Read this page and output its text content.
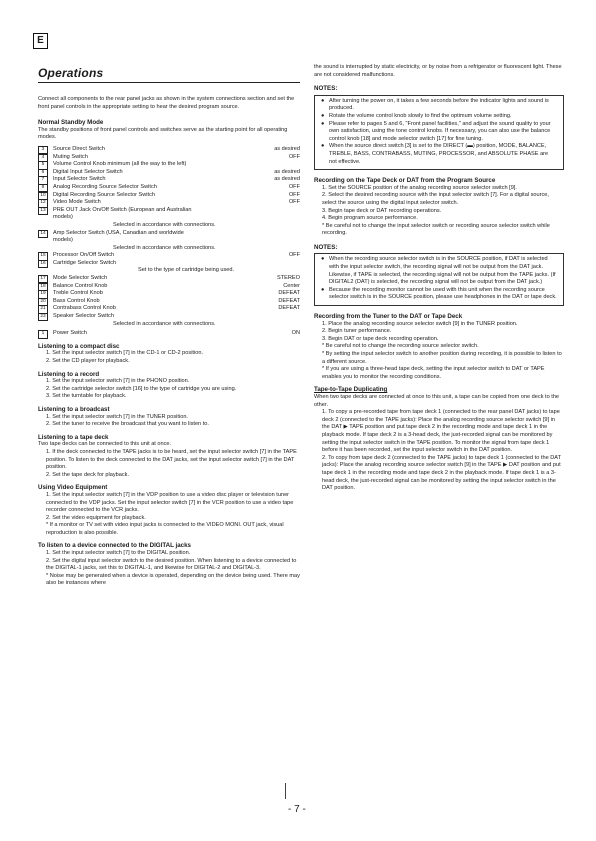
E
Operations

Connect all components to the rear panel jacks as shown in the system connections section and set the front panel controls in the appropriate setting to hear the desired program source.

Normal Standby Mode

The standby positions of front panel controls and switches serve as the starting point for all operating modes.

3	Source Direct Switch	as desired
4	Muting Switch	OFF
5	Volume Control Knob minimum (all the way to the left)
6	Digital Input Selector Switch	as desired
7	Input Selector Switch	as desired
9	Analog Recording Source Selector Switch	OFF
10	Digital Recording Source Selector Switch	OFF
12	Video Mode Switch	OFF
13	PRE OUT Jack On/Off Switch (European and Australian
models)
Selected in accordance with connections.
14	Amp Selector Switch (USA, Canadian and worldwide
models)
Selected in accordance with connections.
15	Processor On/Off Switch	OFF
16	Cartridge Selector Switch
Set to the type of cartridge being used.
17	Mode Selector Switch	STEREO
18	Balance Control Knob	Center
19	Treble Control Knob	DEFEAT
20	Bass Control Knob	DEFEAT
21	Contrabass Control Knob	DEFEAT
23	Speaker Selector Switch
Selected in accordance with connections.
1	Power Switch	ON
Listening to a compact disc
1. Set the input selector switch [7] in the CD-1 or CD-2 position.
2. Set the CD player for playback.
Listening to a record
1. Set the input selector switch [7] in the PHONO position.
2. Set the cartridge selector switch [16] to the type of cartridge you are using.
3. Set the turntable for playback.
Listening to a broadcast
1. Set the input selector switch [7] in the TUNER position.
2. Set the tuner to receive the broadcast that you want to listen to.
Listening to a tape deck

Two tape decks can be connected to this unit at once.

1. If the deck connected to the TAPE jacks is to be heard, set the input selector switch [7] in the TAPE position. To listen to the deck connected to the DAT jacks, set the input selector switch [7] in the DAT position.
2. Set the tape deck for playback.
Using Video Equipment
1. Set the input selector switch [7] in the VDP position to use a video disc player or television tuner connected to the VDP jacks. Set the input selector switch [7] in the VCR position to use a video tape recorder connected to the VCR jacks.
2. Set the video equipment for playback.
* If a monitor or TV set with video input jacks is connected to the VIDEO MONI. OUT jack, visual reproduction is also possible.
To listen to a device connected to the DIGITAL jacks
1. Set the input selector switch [7] to the DIGITAL position.
2. Set the digital input selector switch to the desired position. When listening to a device connected to the DIGITAL-1 jacks, set this to DIGITAL-1, and likewise for DIGITAL-2 and DIGITAL-3.
* Noise may be generated when a device is operated, depending on the device being used. There may also be instances where

the sound is interrupted by static electricity, or by noise from a refrigerator or fluorescent light. These are not considered malfunctions.

NOTES:
● After turning the power on, it takes a few seconds before the indicator lights and sound is produced.
● Rotate the volume control knob slowly to find the optimum volume setting.
● Please refer to pages 5 and 6, "Front panel facilities," and adjust the sound quality to your own satisfaction, using the tone control knobs. If necessary, you can also use the balance control knob [18] and mode selector switch [17] for fine tuning.
● When the source direct switch [3] is set to the DIRECT (▬) position, MODE, BALANCE, TREBLE, BASS, CONTRABASS, MUTING, PROCESSOR, and ABSOLUTE PHASE are not effective.
Recording on the Tape Deck or DAT from the Program Source
1. Set the SOURCE position of the analog recording source selector switch [9].
2. Select the desired recording source with the input selector switch [7]. For a digital source, select the source using the digital input selector switch.
3. Begin tape deck or DAT recording operations.
4. Begin program source performance.
* Be careful not to change the input selector switch or recording source selector switch while recording.
NOTES:
● When the recording source selector switch is in the SOURCE position, if DAT is selected with the input selector switch, the recording signal will not be output from the DAT jack. Likewise, if TAPE is selected, the recording signal will not be output from the TAPE jacks. (If DIGITAL2 (DAT) is selected, the recording signal will not be output from the DAT jack.)
● Because the recording monitor cannot be used with this unit when the recording source selector switch is in the SOURCE position, please use headphones in the DAT or tape deck.
Recording from the Tuner to the DAT or Tape Deck
1. Place the analog recording source selector switch [9] in the TUNER position.
2. Begin tuner performance.
3. Begin DAT or tape deck recording operation.
* Be careful not to change the recording source selector switch.
* By setting the input selector switch to another position during recording, it is possible to listen to a different source.
* If you are using a three-head tape deck, setting the input selector switch to DAT or TAPE enables you to monitor the recording conditions.
Tape-to-Tape Duplicating

When two tape decks are connected at once to this unit, a tape can be copied from one deck to the other.

1. To copy a pre-recorded tape from tape deck 1 (connected to the rear panel DAT jacks) to tape deck 2 (connected to the TAPE jacks): Place the analog recording source selector switch [9] in the DAT ▶ TAPE position and put tape deck 2 in the recording mode and tape deck 1 in the playback mode. If tape deck 2 is a 3-head deck, the just-recorded signal can be monitored by setting the input selector switch in the TAPE position. To monitor the signal from tape deck 1 before it has been recorded, set the input selector switch in the DAT position.
2. To copy from tape deck 2 (connected to the TAPE jacks) to tape deck 1 (connected to the DAT jacks): Place the analog recording source selector switch [9] in the TAPE ▶ DAT position and put tape deck 1 in the recording mode and tape deck 2 in the playback mode. If tape deck 1 is a 3-head deck, the just-recorded signal can be monitored by setting the input selector switch in the DAT position.
- 7 -
